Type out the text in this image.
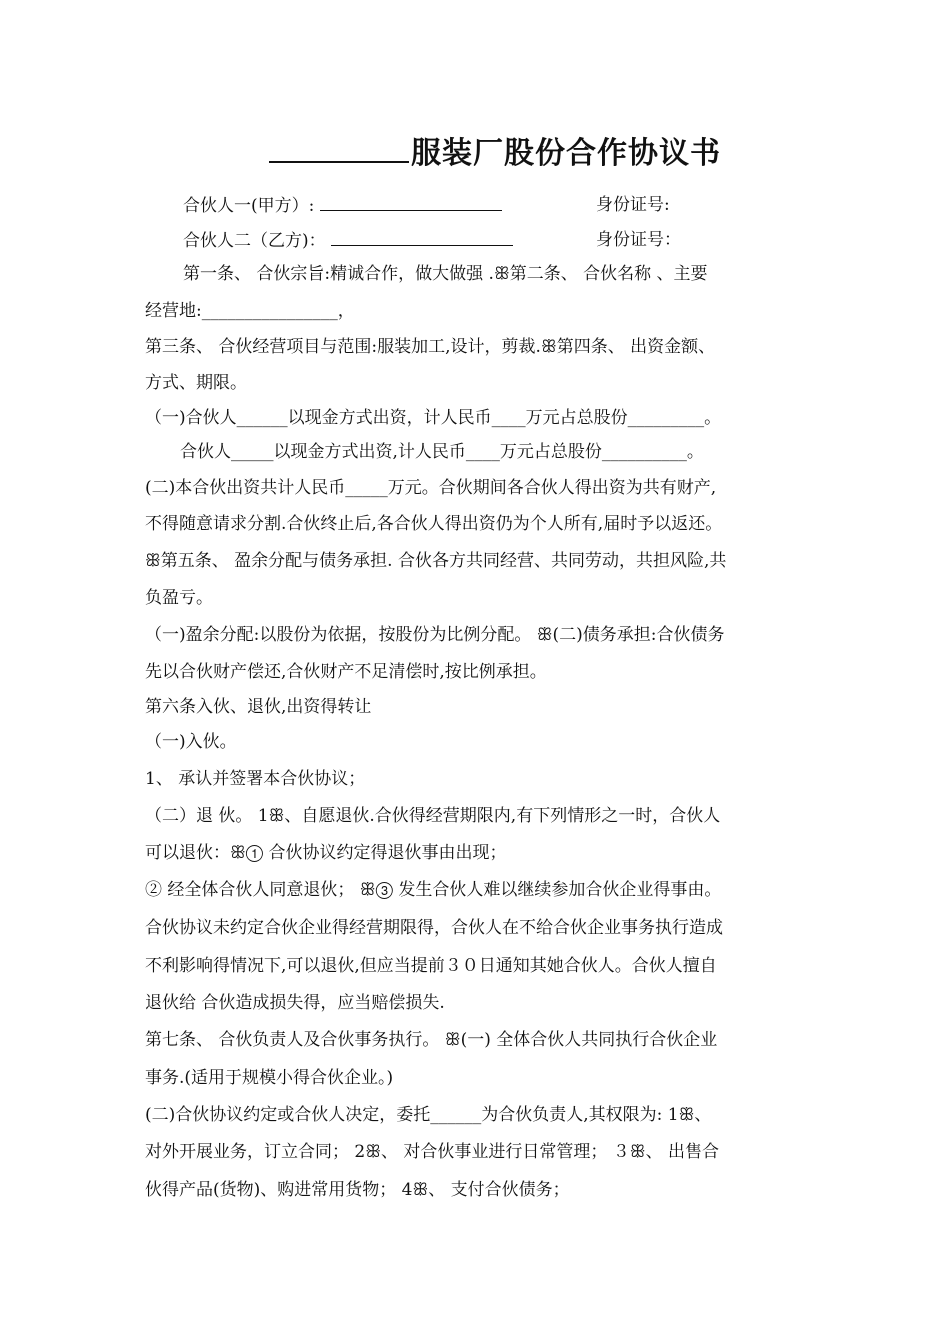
服装厂股份合作协议书
合伙人一(甲方）:	身份证号:
合伙人二（乙方)：	身份证号：
第一条、 合伙宗旨:精诚合作，做大做强 .ꕥ第二条、 合伙名称 、主要
经营地:________________，
第三条、 合伙经营项目与范围:服装加工,设计，剪裁.ꕥ第四条、 出资金额、
方式、期限。
（一)合伙人______以现金方式出资，计人民币____万元占总股份_________。
合伙人_____以现金方式出资,计人民币____万元占总股份__________。
(二)本合伙出资共计人民币_____万元。合伙期间各合伙人得出资为共有财产,
不得随意请求分割.合伙终止后,各合伙人得出资仍为个人所有,届时予以返还。
ꕥ第五条、 盈余分配与债务承担. 合伙各方共同经营、共同劳动，共担风险,共
负盈亏。
（一)盈余分配:以股份为依据，按股份为比例分配。 ꕥ(二)债务承担:合伙债务
先以合伙财产偿还,合伙财产不足清偿时,按比例承担。
第六条入伙、退伙,出资得转让
（一)入伙。
1、 承认并签署本合伙协议；
（二）退 伙。 1ꕥ、自愿退伙.合伙得经营期限内,有下列情形之一时，合伙人
可以退伙：ꕥ① 合伙协议约定得退伙事由出现；
② 经全体合伙人同意退伙； ꕥ③ 发生合伙人难以继续参加合伙企业得事由。
合伙协议未约定合伙企业得经营期限得，合伙人在不给合伙企业事务执行造成
不利影响得情况下,可以退伙,但应当提前３０日通知其她合伙人。合伙人擅自
退伙给 合伙造成损失得，应当赔偿损失.
第七条、 合伙负责人及合伙事务执行。 ꕥ(一) 全体合伙人共同执行合伙企业
事务.(适用于规模小得合伙企业。)
(二)合伙协议约定或合伙人决定，委托______为合伙负责人,其权限为: 1ꕥ、
对外开展业务，订立合同； 2ꕥ、 对合伙事业进行日常管理； ３ꕥ、 出售合
伙得产品(货物)、购进常用货物； 4ꕥ、 支付合伙债务；
